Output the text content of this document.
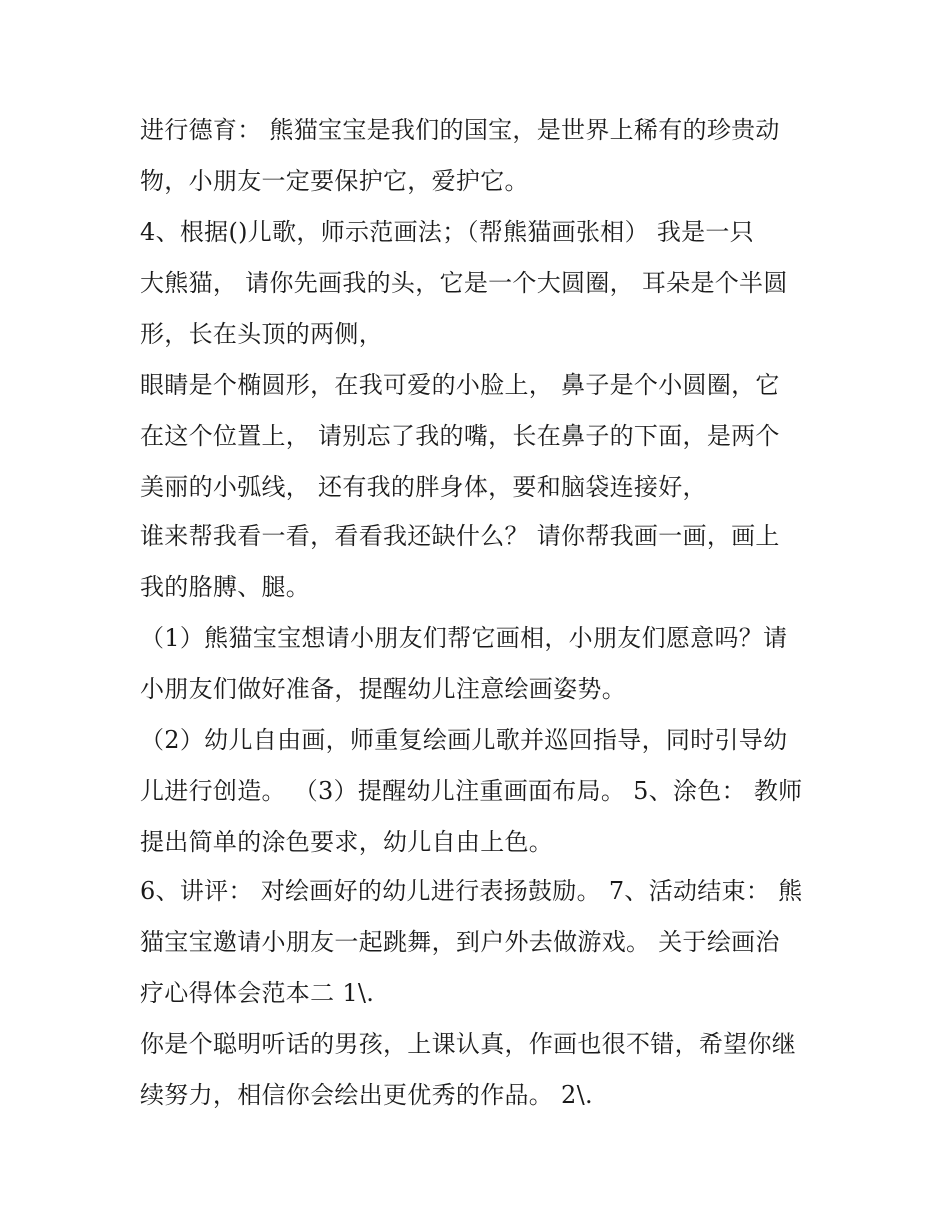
进行德育： 熊猫宝宝是我们的国宝，是世界上稀有的珍贵动
物，小朋友一定要保护它，爱护它。
4、根据()儿歌，师示范画法；（帮熊猫画张相） 我是一只
大熊猫， 请你先画我的头，它是一个大圆圈， 耳朵是个半圆
形，长在头顶的两侧，
眼睛是个椭圆形，在我可爱的小脸上， 鼻子是个小圆圈，它
在这个位置上， 请别忘了我的嘴，长在鼻子的下面，是两个
美丽的小弧线， 还有我的胖身体，要和脑袋连接好，
谁来帮我看一看，看看我还缺什么？ 请你帮我画一画，画上
我的胳膊、腿。
（1）熊猫宝宝想请小朋友们帮它画相，小朋友们愿意吗？请
小朋友们做好准备，提醒幼儿注意绘画姿势。
（2）幼儿自由画，师重复绘画儿歌并巡回指导，同时引导幼
儿进行创造。 （3）提醒幼儿注重画面布局。 5、涂色： 教师
提出简单的涂色要求，幼儿自由上色。
6、讲评： 对绘画好的幼儿进行表扬鼓励。 7、活动结束： 熊
猫宝宝邀请小朋友一起跳舞，到户外去做游戏。 关于绘画治
疗心得体会范本二 1\.
你是个聪明听话的男孩，上课认真，作画也很不错，希望你继
续努力，相信你会绘出更优秀的作品。 2\.
